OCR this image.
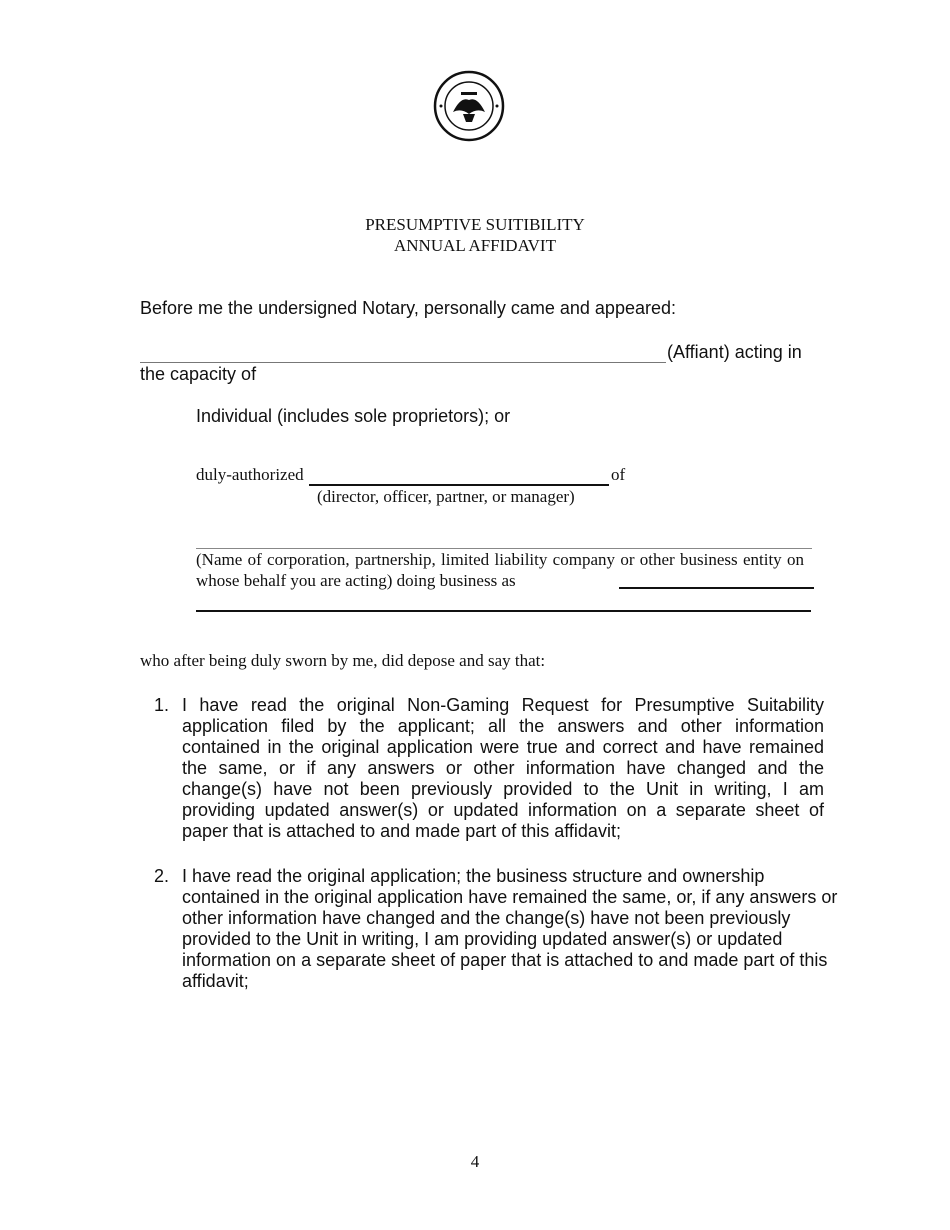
PRESUMPTIVE SUITIBILITY
ANNUAL AFFIDAVIT
Before me the undersigned Notary, personally came and appeared:
(Affiant) acting in
the capacity of
Individual (includes sole proprietors); or
duly-authorized	of
(director, officer, partner, or manager)
(Name of corporation, partnership, limited liability company or other business entity on whose behalf you are acting) doing business as
who after being duly sworn by me, did depose and say that:
1. I have read the original Non-Gaming Request for Presumptive Suitability application filed by the applicant; all the answers and other information contained in the original application were true and correct and have remained the same, or if any answers or other information have changed and the change(s) have not been previously provided to the Unit in writing, I am providing updated answer(s) or updated information on a separate sheet of paper that is attached to and made part of this affidavit;
2. I have read the original application; the business structure and ownership contained in the original application have remained the same, or, if any answers or other information have changed and the change(s) have not been previously provided to the Unit in writing, I am providing updated answer(s) or updated information on a separate sheet of paper that is attached to and made part of this affidavit;
4
